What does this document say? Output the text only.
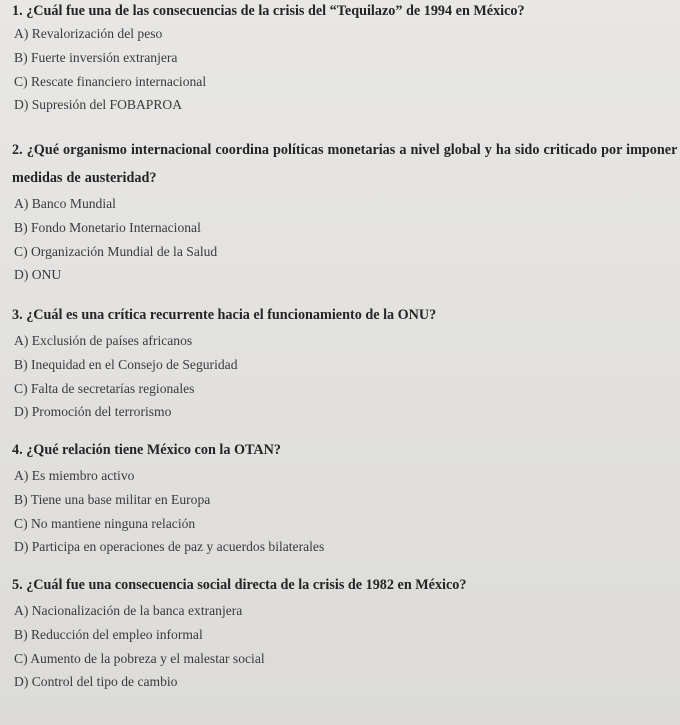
1. ¿Cuál fue una de las consecuencias de la crisis del “Tequilazo” de 1994 en México?
A) Revalorización del peso
B) Fuerte inversión extranjera
C) Rescate financiero internacional
D) Supresión del FOBAPROA
2. ¿Qué organismo internacional coordina políticas monetarias a nivel global y ha sido criticado por imponer medidas de austeridad?
A) Banco Mundial
B) Fondo Monetario Internacional
C) Organización Mundial de la Salud
D) ONU
3. ¿Cuál es una crítica recurrente hacia el funcionamiento de la ONU?
A) Exclusión de países africanos
B) Inequidad en el Consejo de Seguridad
C) Falta de secretarías regionales
D) Promoción del terrorismo
4. ¿Qué relación tiene México con la OTAN?
A) Es miembro activo
B) Tiene una base militar en Europa
C) No mantiene ninguna relación
D) Participa en operaciones de paz y acuerdos bilaterales
5. ¿Cuál fue una consecuencia social directa de la crisis de 1982 en México?
A) Nacionalización de la banca extranjera
B) Reducción del empleo informal
C) Aumento de la pobreza y el malestar social
D) Control del tipo de cambio
